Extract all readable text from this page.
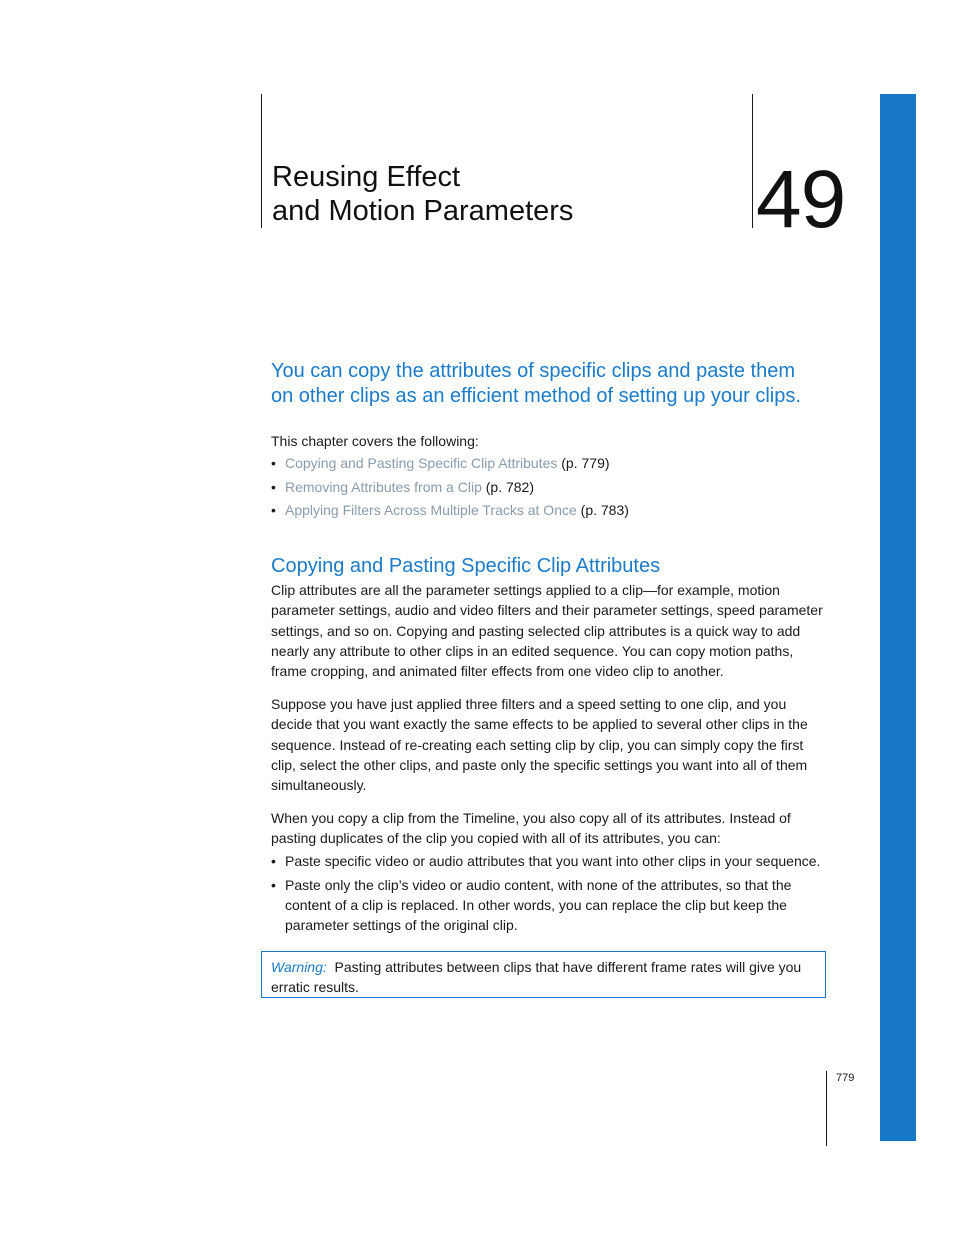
Reusing Effect
and Motion Parameters	49
You can copy the attributes of specific clips and paste them
on other clips as an efficient method of setting up your clips.

This chapter covers the following:

• Copying and Pasting Specific Clip Attributes (p. 779)
• Removing Attributes from a Clip (p. 782)
• Applying Filters Across Multiple Tracks at Once (p. 783)
Copying and Pasting Specific Clip Attributes

Clip attributes are all the parameter settings applied to a clip—for example, motion parameter settings, audio and video filters and their parameter settings, speed parameter settings, and so on. Copying and pasting selected clip attributes is a quick way to add nearly any attribute to other clips in an edited sequence. You can copy motion paths, frame cropping, and animated filter effects from one video clip to another.

Suppose you have just applied three filters and a speed setting to one clip, and you decide that you want exactly the same effects to be applied to several other clips in the sequence. Instead of re-creating each setting clip by clip, you can simply copy the first clip, select the other clips, and paste only the specific settings you want into all of them simultaneously.

When you copy a clip from the Timeline, you also copy all of its attributes. Instead of pasting duplicates of the clip you copied with all of its attributes, you can:

• Paste specific video or audio attributes that you want into other clips in your sequence.
• Paste only the clip’s video or audio content, with none of the attributes, so that the content of a clip is replaced. In other words, you can replace the clip but keep the parameter settings of the original clip.
Warning:  Pasting attributes between clips that have different frame rates will give you erratic results.
779
